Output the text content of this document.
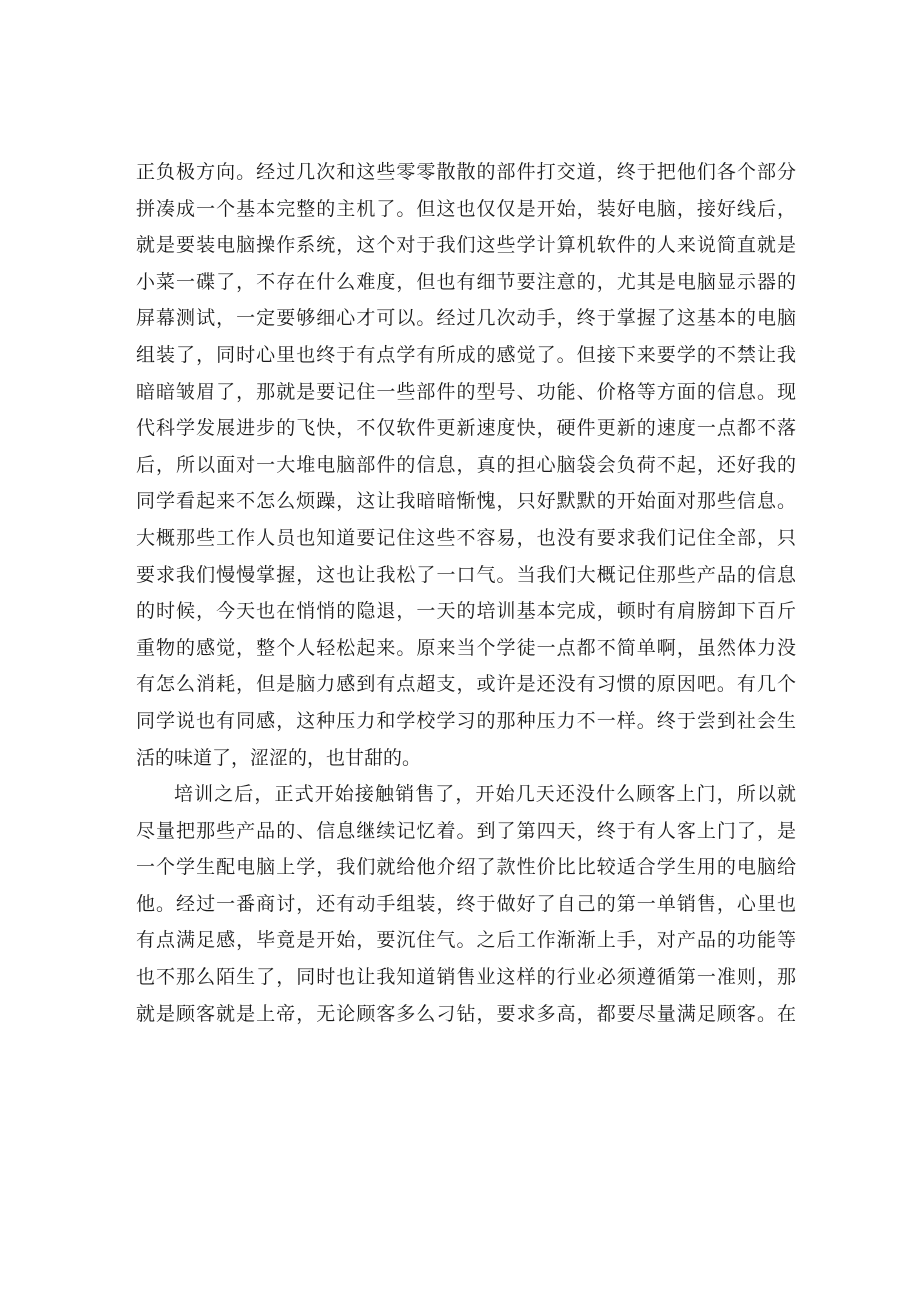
正负极方向。经过几次和这些零零散散的部件打交道，终于把他们各个部分
拼凑成一个基本完整的主机了。但这也仅仅是开始，装好电脑，接好线后，
就是要装电脑操作系统，这个对于我们这些学计算机软件的人来说简直就是
小菜一碟了，不存在什么难度，但也有细节要注意的，尤其是电脑显示器的
屏幕测试，一定要够细心才可以。经过几次动手，终于掌握了这基本的电脑
组装了，同时心里也终于有点学有所成的感觉了。但接下来要学的不禁让我
暗暗皱眉了，那就是要记住一些部件的型号、功能、价格等方面的信息。现
代科学发展进步的飞快，不仅软件更新速度快，硬件更新的速度一点都不落
后，所以面对一大堆电脑部件的信息，真的担心脑袋会负荷不起，还好我的
同学看起来不怎么烦躁，这让我暗暗惭愧，只好默默的开始面对那些信息。
大概那些工作人员也知道要记住这些不容易，也没有要求我们记住全部，只
要求我们慢慢掌握，这也让我松了一口气。当我们大概记住那些产品的信息
的时候，今天也在悄悄的隐退，一天的培训基本完成，顿时有肩膀卸下百斤
重物的感觉，整个人轻松起来。原来当个学徒一点都不简单啊，虽然体力没
有怎么消耗，但是脑力感到有点超支，或许是还没有习惯的原因吧。有几个
同学说也有同感，这种压力和学校学习的那种压力不一样。终于尝到社会生
活的味道了，涩涩的，也甘甜的。
培训之后，正式开始接触销售了，开始几天还没什么顾客上门，所以就
尽量把那些产品的、信息继续记忆着。到了第四天，终于有人客上门了，是
一个学生配电脑上学，我们就给他介绍了款性价比比较适合学生用的电脑给
他。经过一番商讨，还有动手组装，终于做好了自己的第一单销售，心里也
有点满足感，毕竟是开始，要沉住气。之后工作渐渐上手，对产品的功能等
也不那么陌生了，同时也让我知道销售业这样的行业必须遵循第一准则，那
就是顾客就是上帝，无论顾客多么刁钻，要求多高，都要尽量满足顾客。在
